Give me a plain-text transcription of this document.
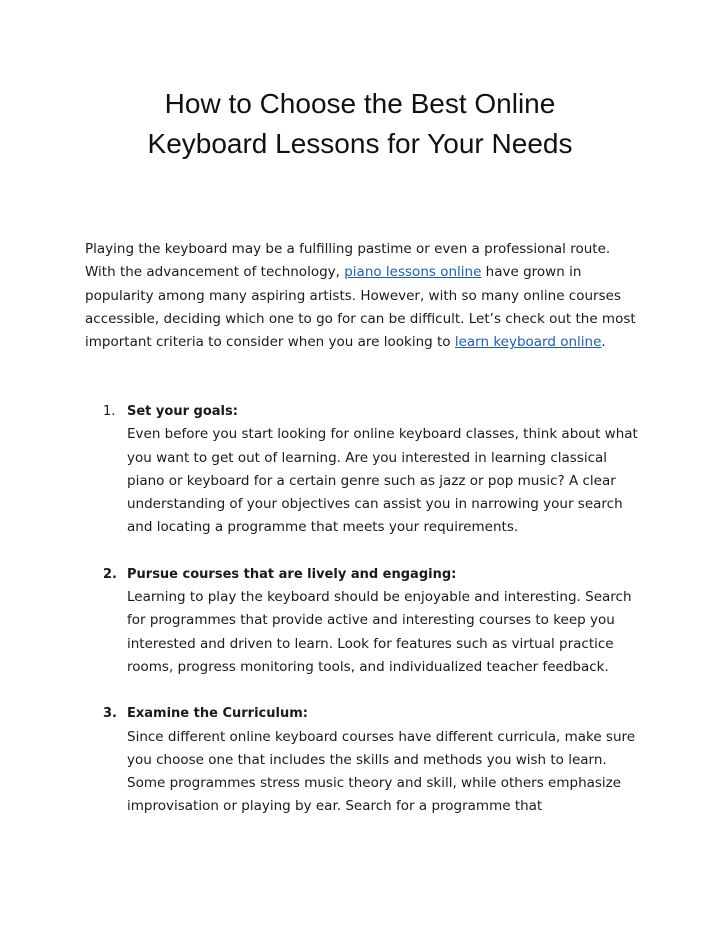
How to Choose the Best Online
Keyboard Lessons for Your Needs

Playing the keyboard may be a fulfilling pastime or even a professional route. With the advancement of technology, piano lessons online have grown in popularity among many aspiring artists. However, with so many online courses accessible, deciding which one to go for can be difficult. Let’s check out the most important criteria to consider when you are looking to learn keyboard online.

1. Set your goals:
Even before you start looking for online keyboard classes, think about what you want to get out of learning. Are you interested in learning classical piano or keyboard for a certain genre such as jazz or pop music? A clear understanding of your objectives can assist you in narrowing your search and locating a programme that meets your requirements.
2. Pursue courses that are lively and engaging:
Learning to play the keyboard should be enjoyable and interesting. Search for programmes that provide active and interesting courses to keep you interested and driven to learn. Look for features such as virtual practice rooms, progress monitoring tools, and individualized teacher feedback.
3. Examine the Curriculum:
Since different online keyboard courses have different curricula, make sure you choose one that includes the skills and methods you wish to learn. Some programmes stress music theory and skill, while others emphasize improvisation or playing by ear. Search for a programme that
